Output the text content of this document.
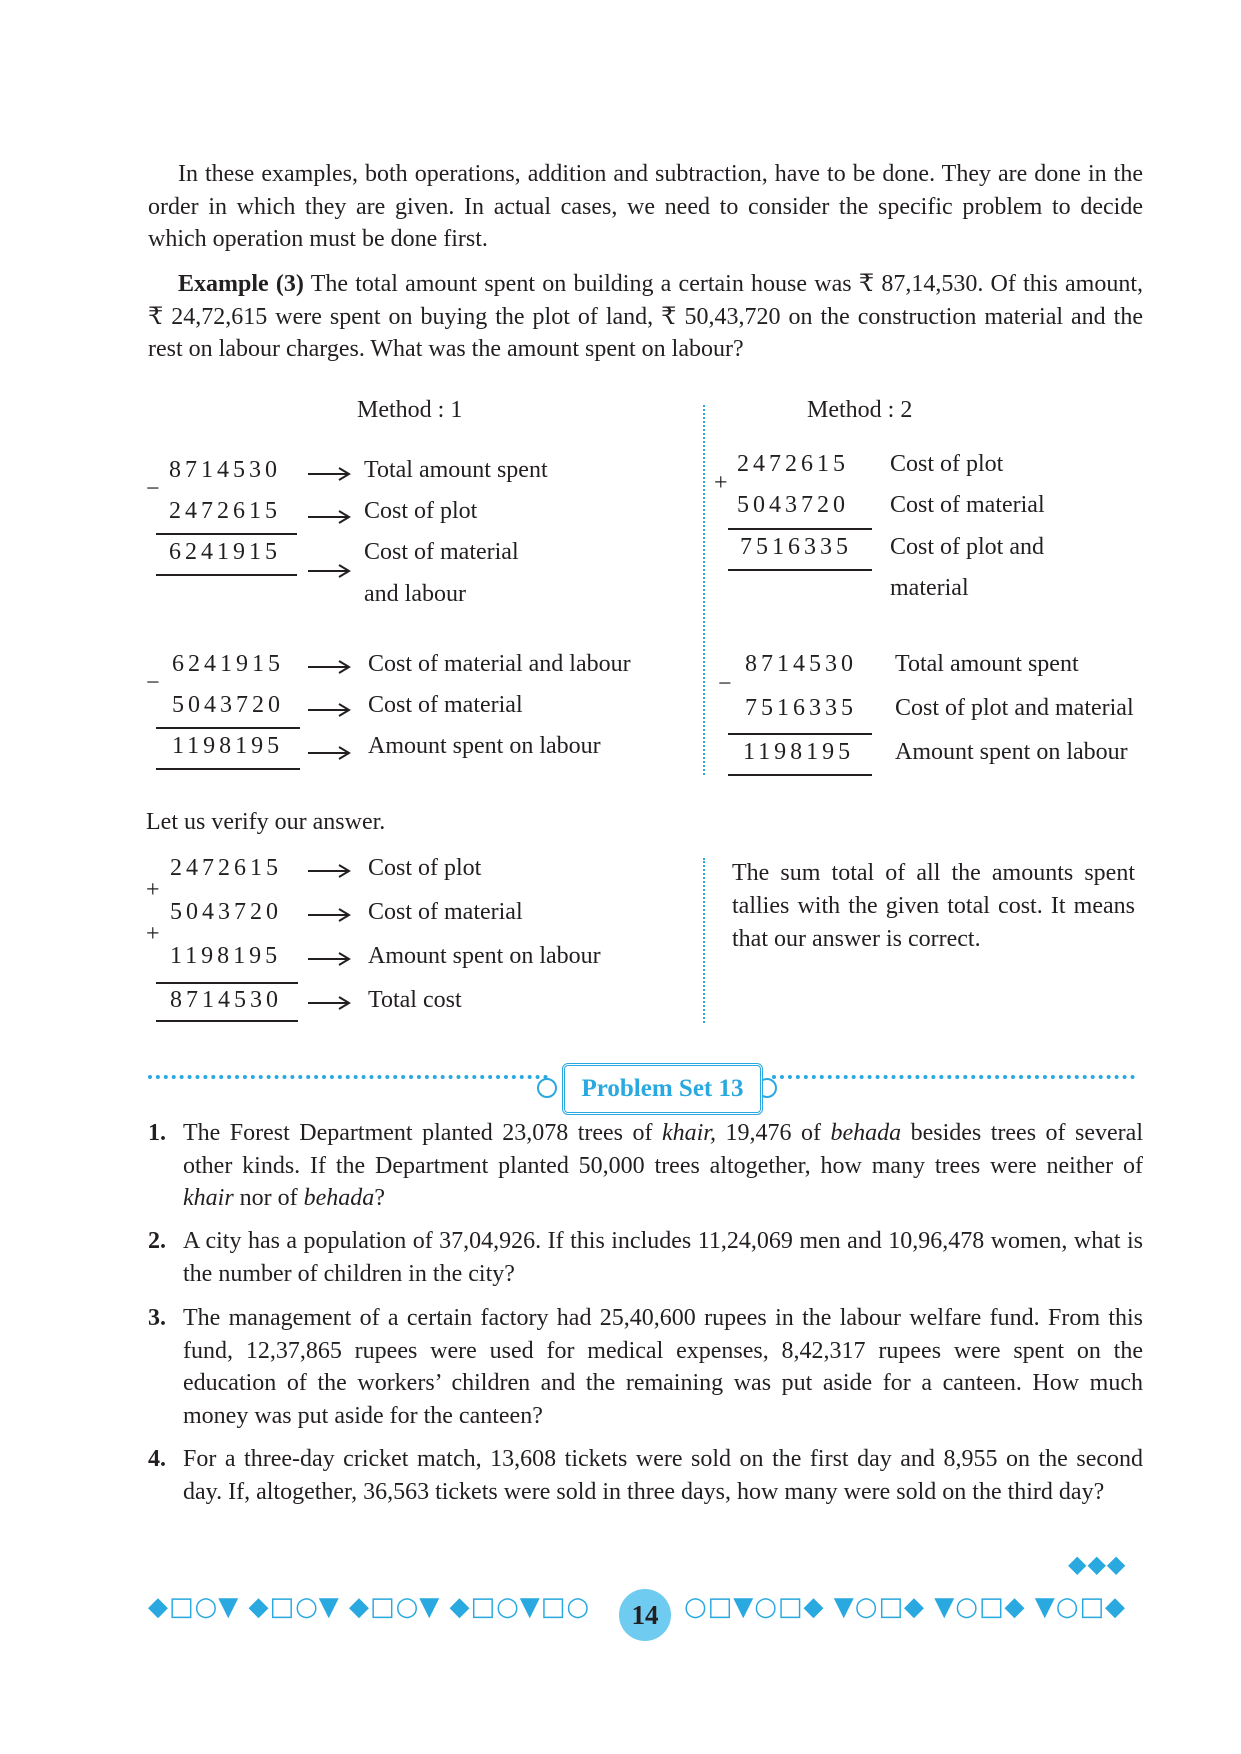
In these examples, both operations, addition and subtraction, have to be done. They are done in the order in which they are given. In actual cases, we need to consider the specific problem to decide which operation must be done first.
Example (3) The total amount spent on building a certain house was ₹ 87,14,530. Of this amount, ₹ 24,72,615 were spent on buying the plot of land, ₹ 50,43,720 on the construction material and the rest on labour charges. What was the amount spent on labour?
Method : 1	Method : 2
−
8714530
2472615
6241915
Total amount spent
Cost of plot
Cost of material
and labour
−
6241915
5043720
1198195
Cost of material and labour
Cost of material
Amount spent on labour
+
2472615
5043720
7516335
Cost of plot
Cost of material
Cost of plot and
material
−
8714530
7516335
1198195
Total amount spent
Cost of plot and material
Amount spent on labour
Let us verify our answer.
+
+
2472615
5043720
1198195
8714530
Cost of plot
Cost of material
Amount spent on labour
Total cost
The sum total of all the amounts spent tallies with the given total cost. It means that our answer is correct.
Problem Set 13
1. The Forest Department planted 23,078 trees of khair, 19,476 of behada besides trees of several other kinds. If the Department planted 50,000 trees altogether, how many trees were neither of khair nor of behada?
2. A city has a population of 37,04,926. If this includes 11,24,069 men and 10,96,478 women, what is the number of children in the city?
3. The management of a certain factory had 25,40,600 rupees in the labour welfare fund. From this fund, 12,37,865 rupees were used for medical expenses, 8,42,317 rupees were spent on the education of the workers’ children and the remaining was put aside for a canteen. How much money was put aside for the canteen?
4. For a three-day cricket match, 13,608 tickets were sold on the first day and 8,955 on the second day. If, altogether, 36,563 tickets were sold in three days, how many were sold on the third day?
◆◆◆
◆□○▼ ◆□○▼ ◆□○▼ ◆□○▼□○	14 ○□▼○□◆ ▼○□◆ ▼○□◆ ▼○□◆
